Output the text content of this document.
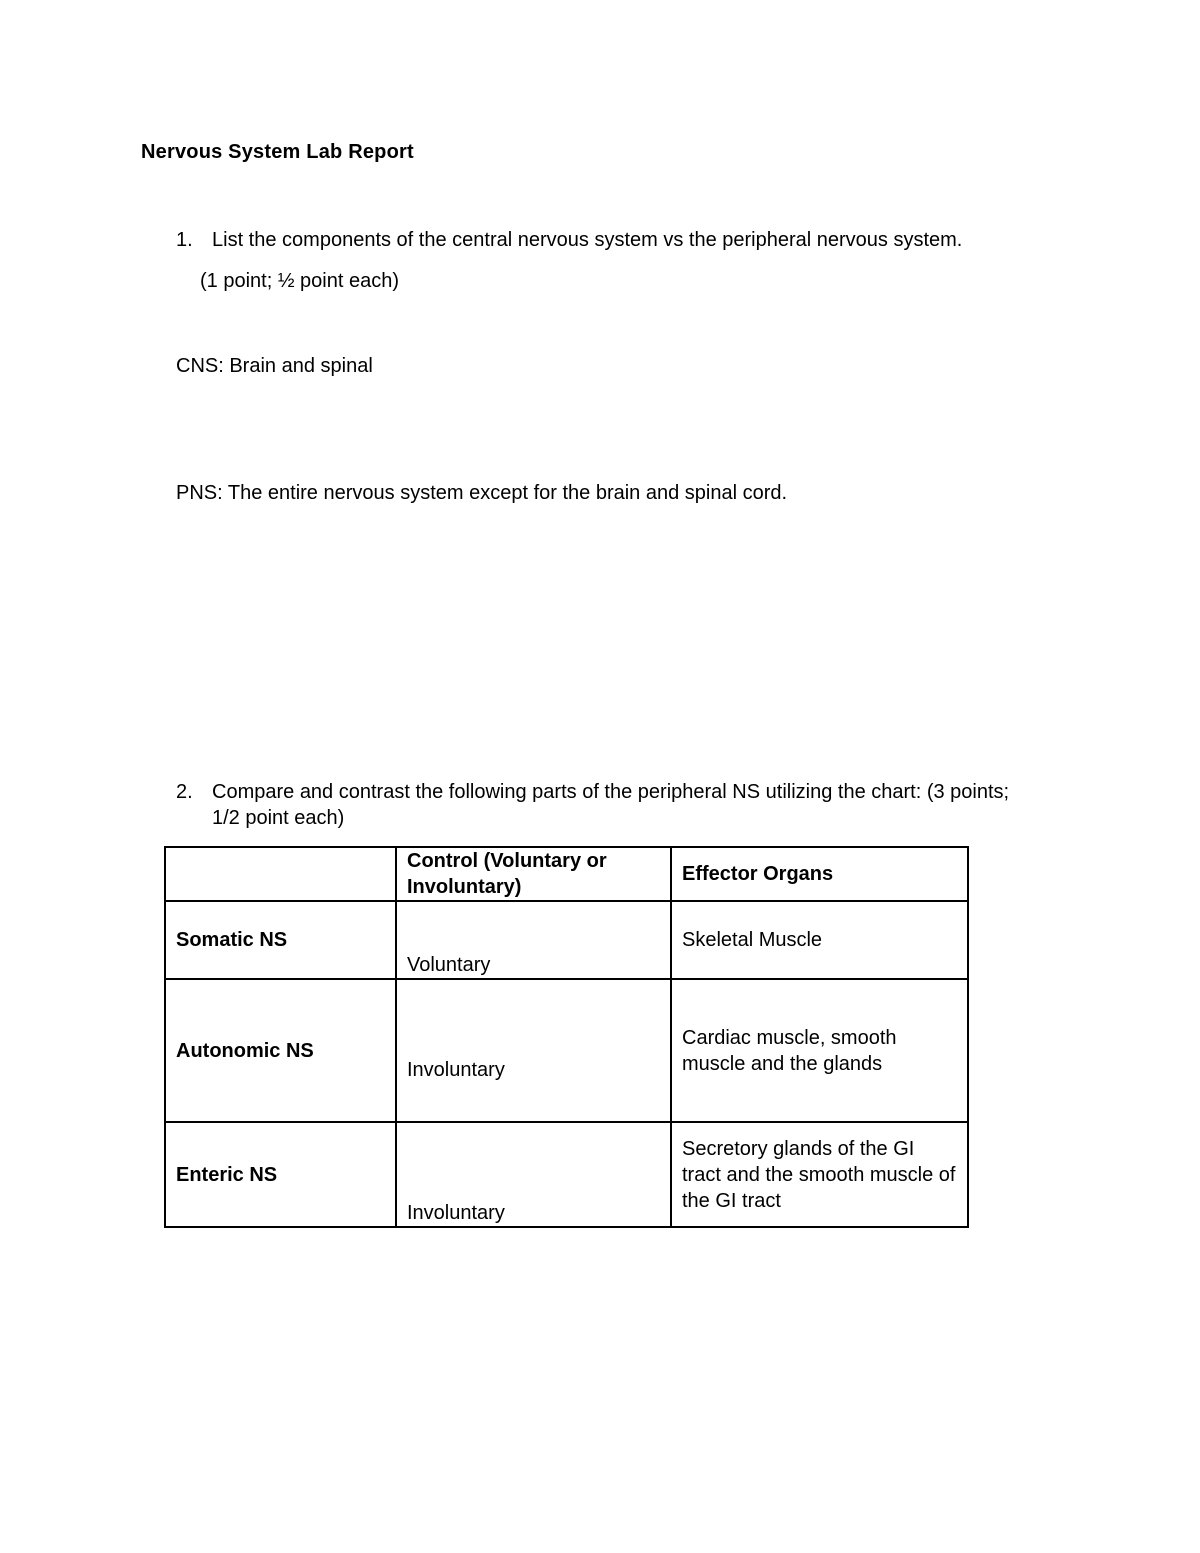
Nervous System Lab Report
1. List the components of the central nervous system vs the peripheral nervous system.
(1 point; ½ point each)
CNS: Brain and spinal
PNS: The entire nervous system except for the brain and spinal cord.
2. Compare and contrast the following parts of the peripheral NS utilizing the chart: (3 points; 1/2 point each)
	Control (Voluntary or Involuntary)	Effector Organs
Somatic NS	Voluntary	Skeletal Muscle
Autonomic NS	Involuntary	Cardiac muscle, smooth muscle and the glands
Enteric NS	Involuntary	Secretory glands of the GI tract and the smooth muscle of the GI tract
